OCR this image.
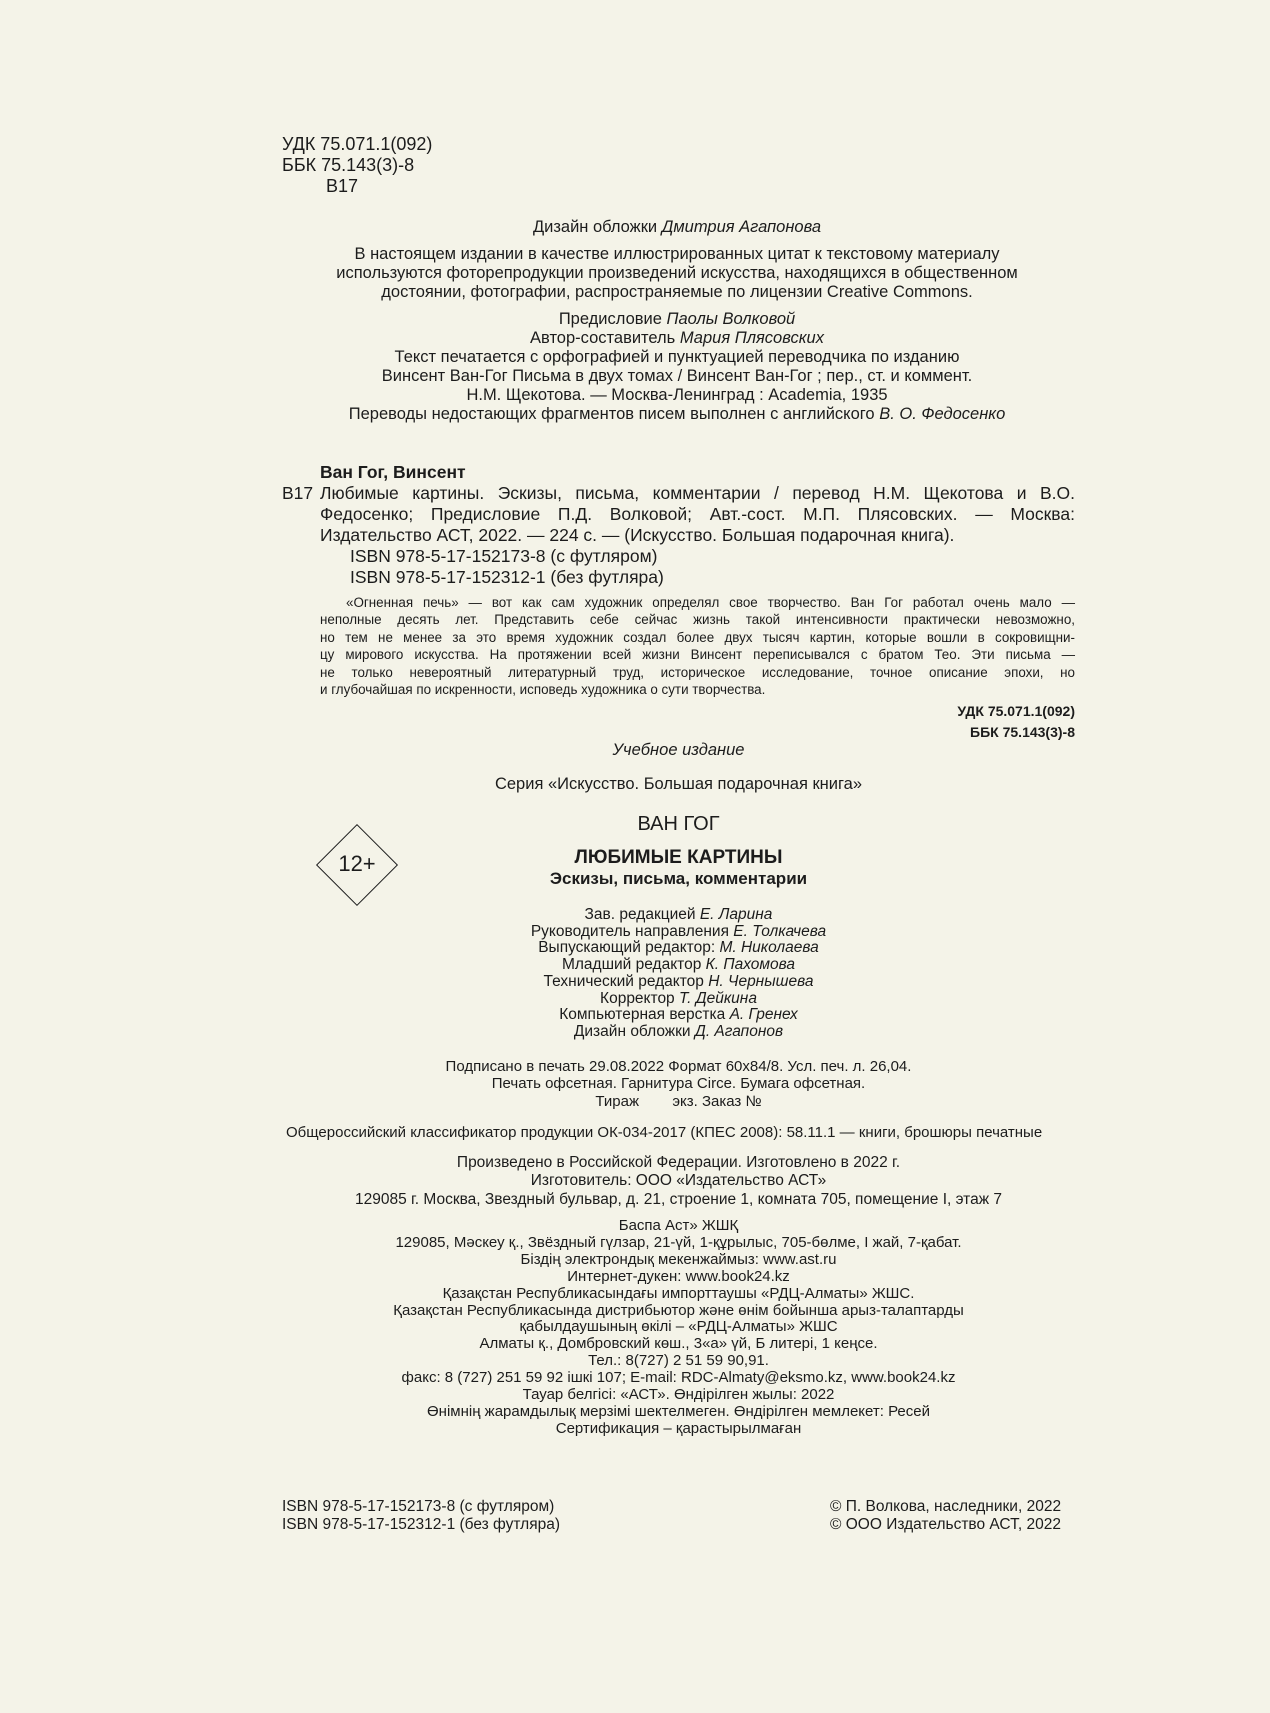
УДК 75.071.1(092)
ББК 75.143(3)-8
В17
Дизайн обложки Дмитрия Агапонова
В настоящем издании в качестве иллюстрированных цитат к текстовому материалу
используются фоторепродукции произведений искусства, находящихся в общественном
достоянии, фотографии, распространяемые по лицензии Creative Commons.
Предисловие Паолы Волковой
Автор-составитель Мария Плясовских
Текст печатается с орфографией и пунктуацией переводчика по изданию
Винсент Ван-Гог Письма в двух томах / Винсент Ван-Гог ; пер., ст. и коммент.
Н.М. Щекотова. — Москва-Ленинград : Academia, 1935
Переводы недостающих фрагментов писем выполнен с английского В. О. Федосенко
Ван Гог, Винсент
В17 Любимые картины. Эскизы, письма, комментарии / перевод Н.М. Щекотова и В.О. Федосенко; Предисловие П.Д. Волковой; Авт.-сост. М.П. Плясовских. — Москва: Издательство АСТ, 2022. — 224 с. — (Искусство. Большая подарочная книга).
ISBN 978-5-17-152173-8 (с футляром)
ISBN 978-5-17-152312-1 (без футляра)
«Огненная печь» — вот как сам художник определял свое творчество. Ван Гог работал очень мало —
неполные десять лет. Представить себе сейчас жизнь такой интенсивности практически невозможно,
но тем не менее за это время художник создал более двух тысяч картин, которые вошли в сокровищни-
цу мирового искусства. На протяжении всей жизни Винсент переписывался с братом Тео. Эти письма —
не только невероятный литературный труд, историческое исследование, точное описание эпохи, но
и глубочайшая по искренности, исповедь художника о сути творчества.
УДК 75.071.1(092)
ББК 75.143(3)-8
Учебное издание
Серия «Искусство. Большая подарочная книга»
ВАН ГОГ
ЛЮБИМЫЕ КАРТИНЫ
Эскизы, письма, комментарии
12+
Зав. редакцией Е. Ларина
Руководитель направления Е. Толкачева
Выпускающий редактор: М. Николаева
Младший редактор К. Пахомова
Технический редактор Н. Чернышева
Корректор Т. Дейкина
Компьютерная верстка А. Гренех
Дизайн обложки Д. Агапонов
Подписано в печать 29.08.2022 Формат 60x84/8. Усл. печ. л. 26,04.
Печать офсетная. Гарнитура Circe. Бумага офсетная.
Тираж        экз. Заказ №
Общероссийский классификатор продукции ОК-034-2017 (КПЕС 2008): 58.11.1 — книги, брошюры печатные
Произведено в Российской Федерации. Изготовлено в 2022 г.
Изготовитель: ООО «Издательство АСТ»
129085 г. Москва, Звездный бульвар, д. 21, строение 1, комната 705, помещение I, этаж 7
Баспа Аст» ЖШҚ
129085, Мәскеу қ., Звёздный гүлзар, 21-үй, 1-құрылыс, 705-бөлме, I жай, 7-қабат.
Біздің электрондық мекенжаймыз: www.ast.ru
Интернет-дукен: www.book24.kz
Қазақстан Республикасындағы импорттаушы «РДЦ-Алматы» ЖШС.
Қазақстан Республикасында дистрибьютор және өнім бойынша арыз-талаптарды
қабылдаушының өкілі – «РДЦ-Алматы» ЖШС
Алматы қ., Домбровский көш., 3«а» үй, Б литері, 1 кеңсе.
Тел.: 8(727) 2 51 59 90,91.
факс: 8 (727) 251 59 92 ішкі 107; E-mail: RDC-Almaty@eksmo.kz, www.book24.kz
Тауар белгісі: «АСТ». Өндірілген жылы: 2022
Өнімнің жарамдылық мерзімі шектелмеген. Өндірілген мемлекет: Ресей
Сертификация – қарастырылмаған
ISBN 978-5-17-152173-8 (с футляром)
ISBN 978-5-17-152312-1 (без футляра)
© П. Волкова, наследники, 2022
© ООО Издательство АСТ, 2022
